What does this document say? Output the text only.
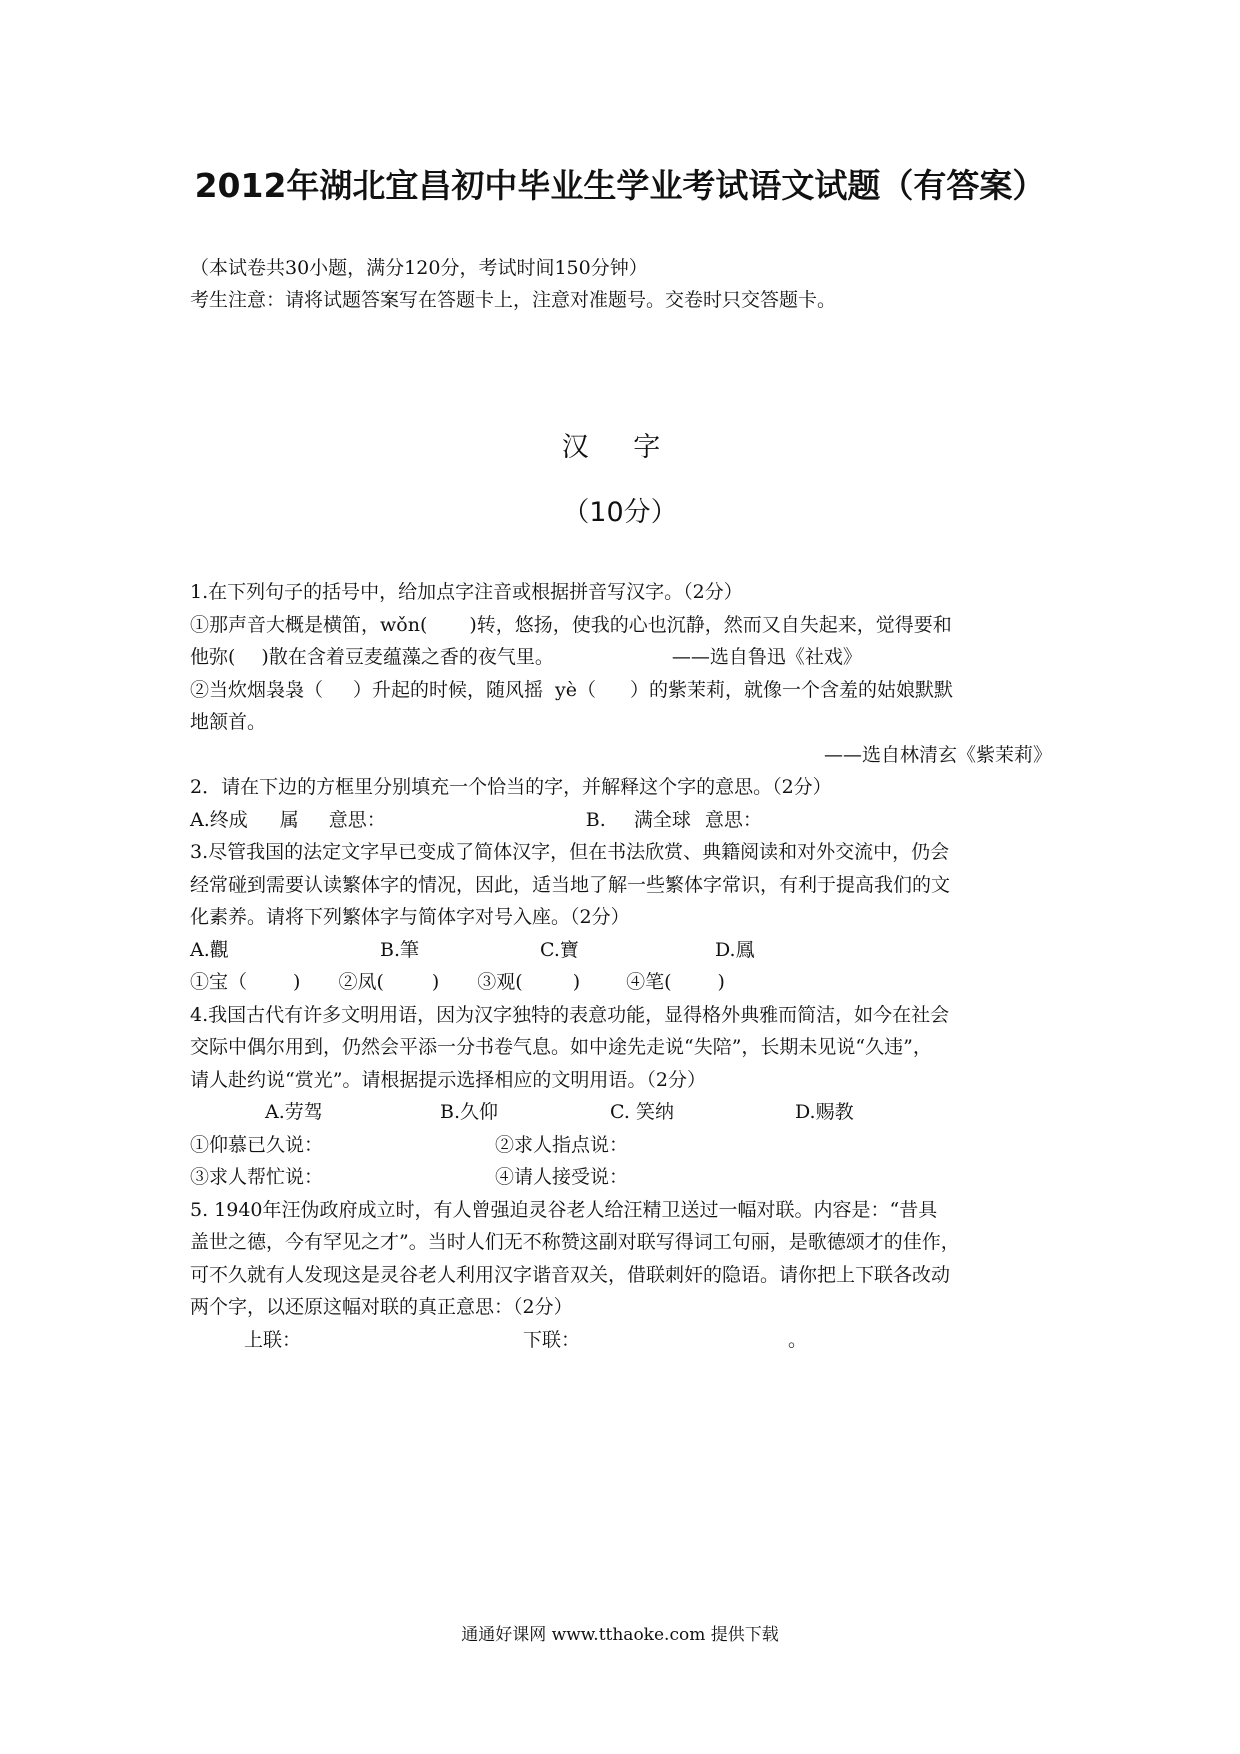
2012年湖北宜昌初中毕业生学业考试语文试题（有答案）
（本试卷共30小题，满分120分，考试时间150分钟）
考生注意：请将试题答案写在答题卡上，注意对准题号。交卷时只交答题卡。
汉 字
（10分）
1.在下列句子的括号中，给加点字注音或根据拼音写汉字。（2分）
①那声音大概是横笛，wǒn( )转，悠扬，使我的心也沉静，然而又自失起来，觉得要和
他弥( )散在含着豆麦蕴藻之香的夜气里。	——选自鲁迅《社戏》
②当炊烟袅袅（ ）升起的时候，随风摇 yè（ ）的紫茉莉，就像一个含羞的姑娘默默
地颔首。
——选自林清玄《紫茉莉》
2．请在下边的方框里分别填充一个恰当的字，并解释这个字的意思。（2分）
A.终成 属 意思：	B. 满全球 意思：
3.尽管我国的法定文字早已变成了简体汉字，但在书法欣赏、典籍阅读和对外交流中，仍会
经常碰到需要认读繁体字的情况，因此，适当地了解一些繁体字常识，有利于提高我们的文
化素养。请将下列繁体字与简体字对号入座。（2分）
A.觀	B.筆	C.寶	D.鳳
①宝（ ) ②凤(	) ③观(	) ④笔( )
4.我国古代有许多文明用语，因为汉字独特的表意功能，显得格外典雅而简洁，如今在社会
交际中偶尔用到，仍然会平添一分书卷气息。如中途先走说“失陪”，长期未见说“久违”，
请人赴约说“赏光”。请根据提示选择相应的文明用语。（2分）
A.劳驾	B.久仰	C. 笑纳	D.赐教
①仰慕已久说：	②求人指点说：
③求人帮忙说：	④请人接受说：
5. 1940年汪伪政府成立时，有人曾强迫灵谷老人给汪精卫送过一幅对联。内容是：“昔具
盖世之德，今有罕见之才”。当时人们无不称赞这副对联写得词工句丽，是歌德颂才的佳作，
可不久就有人发现这是灵谷老人利用汉字谐音双关，借联刺奸的隐语。请你把上下联各改动
两个字，以还原这幅对联的真正意思：（2分）
上联：	下联：	。
通通好课网 www.tthaoke.com 提供下载
